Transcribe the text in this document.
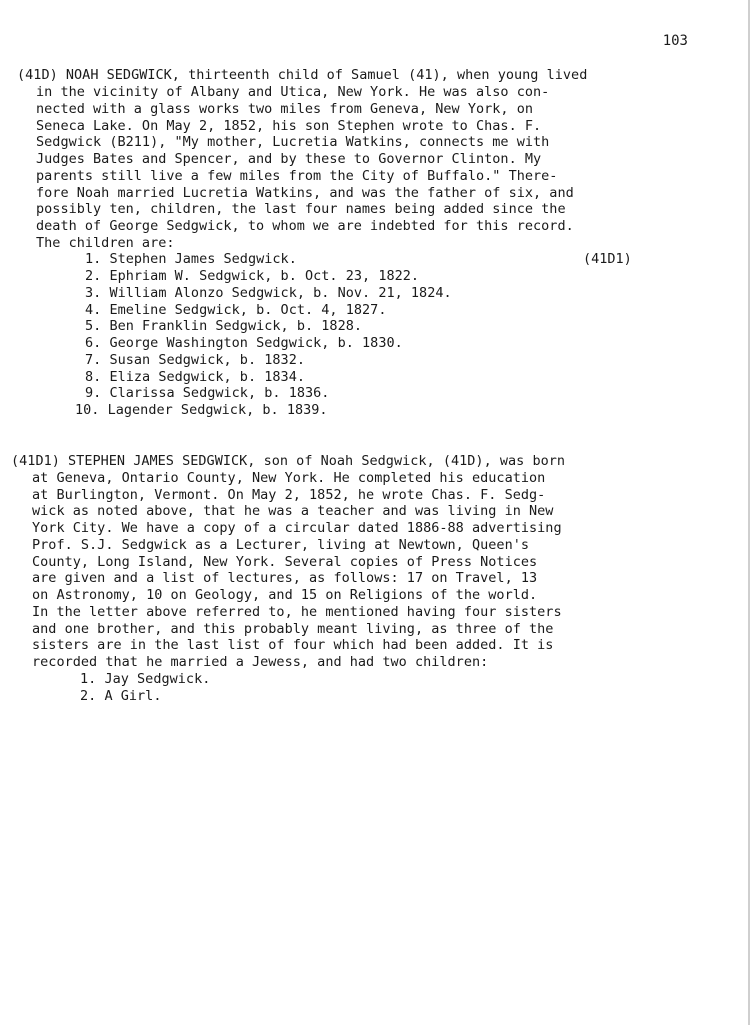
103
(41D) NOAH SEDGWICK, thirteenth child of Samuel (41), when young lived
in the vicinity of Albany and Utica, New York. He was also con-
nected with a glass works two miles from Geneva, New York, on
Seneca Lake. On May 2, 1852, his son Stephen wrote to Chas. F.
Sedgwick (B211), "My mother, Lucretia Watkins, connects me with
Judges Bates and Spencer, and by these to Governor Clinton. My
parents still live a few miles from the City of Buffalo." There-
fore Noah married Lucretia Watkins, and was the father of six, and
possibly ten, children, the last four names being added since the
death of George Sedgwick, to whom we are indebted for this record.
The children are:
1. Stephen James Sedgwick.	(41D1)
2. Ephriam W. Sedgwick, b. Oct. 23, 1822.
3. William Alonzo Sedgwick, b. Nov. 21, 1824.
4. Emeline Sedgwick, b. Oct. 4, 1827.
5. Ben Franklin Sedgwick, b. 1828.
6. George Washington Sedgwick, b. 1830.
7. Susan Sedgwick, b. 1832.
8. Eliza Sedgwick, b. 1834.
9. Clarissa Sedgwick, b. 1836.
10. Lagender Sedgwick, b. 1839.
(41D1) STEPHEN JAMES SEDGWICK, son of Noah Sedgwick, (41D), was born
at Geneva, Ontario County, New York. He completed his education
at Burlington, Vermont. On May 2, 1852, he wrote Chas. F. Sedg-
wick as noted above, that he was a teacher and was living in New
York City. We have a copy of a circular dated 1886-88 advertising
Prof. S.J. Sedgwick as a Lecturer, living at Newtown, Queen's
County, Long Island, New York. Several copies of Press Notices
are given and a list of lectures, as follows: 17 on Travel, 13
on Astronomy, 10 on Geology, and 15 on Religions of the world.
In the letter above referred to, he mentioned having four sisters
and one brother, and this probably meant living, as three of the
sisters are in the last list of four which had been added. It is
recorded that he married a Jewess, and had two children:
1. Jay Sedgwick.
2. A Girl.
